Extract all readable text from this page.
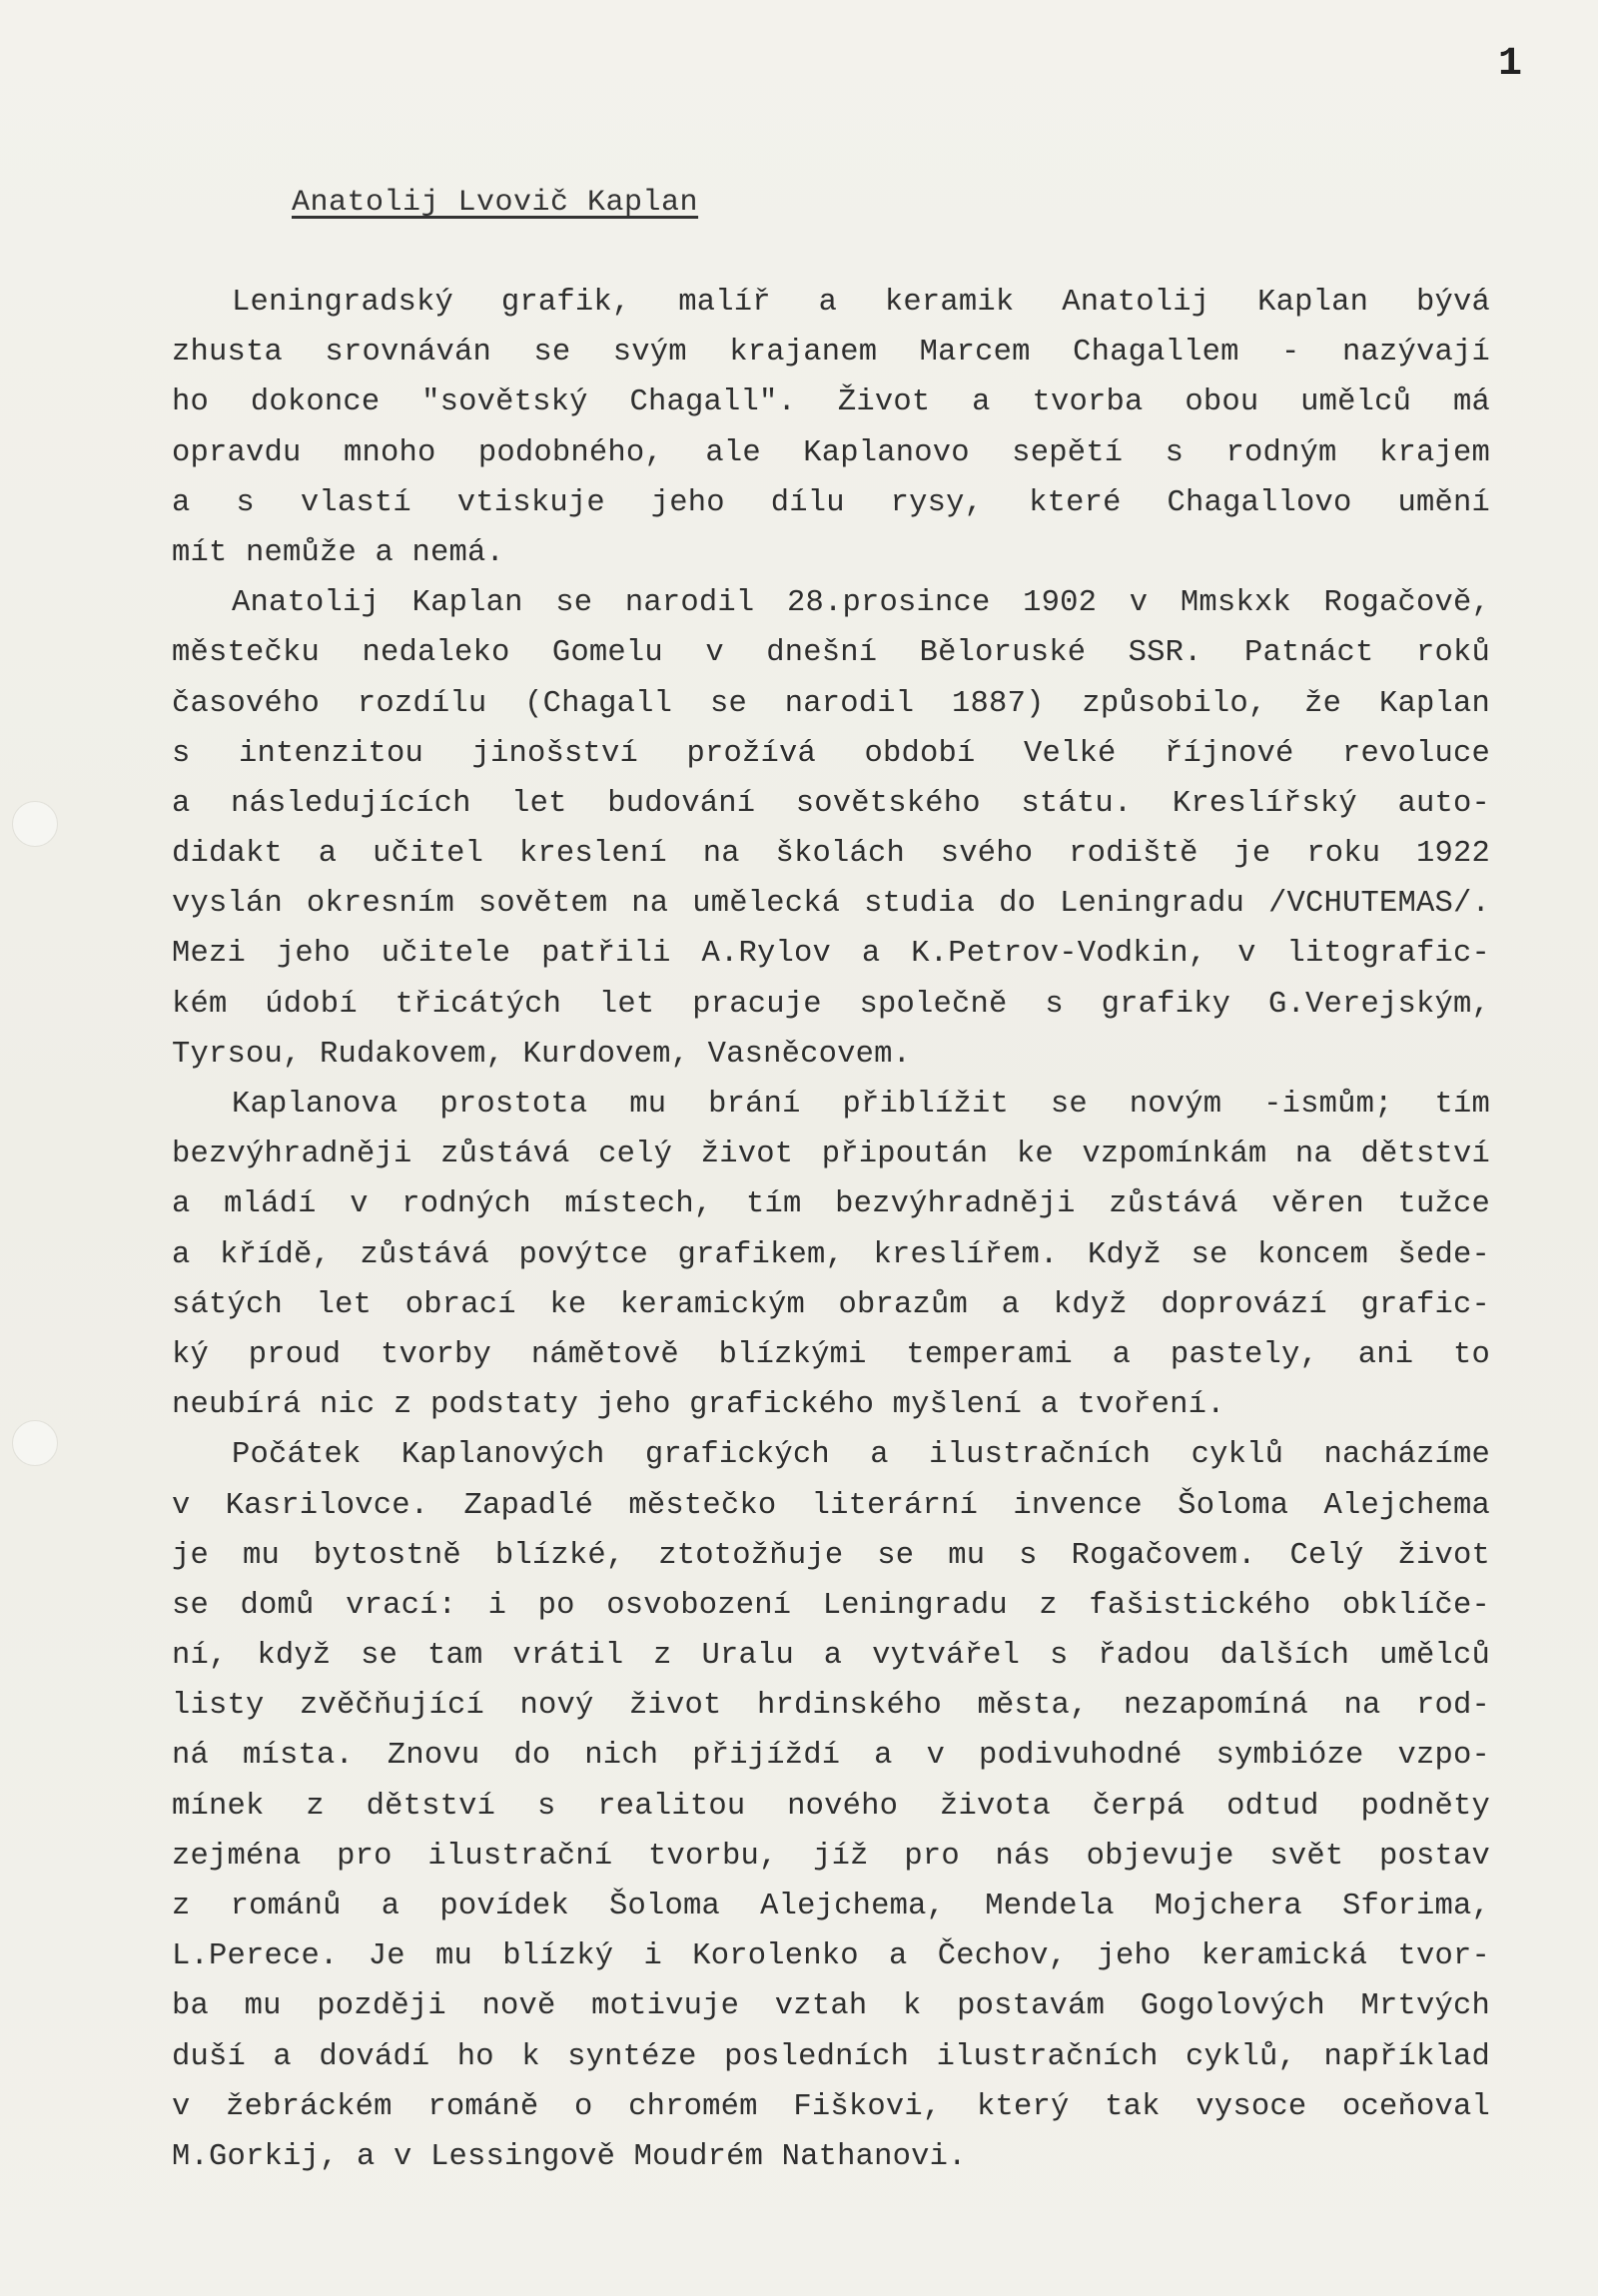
1
Anatolij Lvovič Kaplan
Leningradský grafik, malíř a keramik Anatolij Kaplan bývá
zhusta srovnáván se svým krajanem Marcem Chagallem - nazývají
ho dokonce "sovětský Chagall". Život a tvorba obou umělců má
opravdu mnoho podobného, ale Kaplanovo sepětí s rodným krajem
a s vlastí vtiskuje jeho dílu rysy, které Chagallovo umění
mít nemůže a nemá.
Anatolij Kaplan se narodil 28.prosince 1902 v Mmskxk Rogačově,
městečku nedaleko Gomelu v dnešní Běloruské SSR. Patnáct roků
časového rozdílu (Chagall se narodil 1887) způsobilo, že Kaplan
s intenzitou jinošství prožívá období Velké říjnové revoluce
a následujících let budování sovětského státu. Kreslířský auto-
didakt a učitel kreslení na školách svého rodiště je roku 1922
vyslán okresním sovětem na umělecká studia do Leningradu /VCHUTEMAS/.
Mezi jeho učitele patřili A.Rylov a K.Petrov-Vodkin, v litografic-
kém údobí třicátých let pracuje společně s grafiky G.Verejským,
Tyrsou, Rudakovem, Kurdovem, Vasněcovem.
Kaplanova prostota mu brání přiblížit se novým -ismům; tím
bezvýhradněji zůstává celý život připoután ke vzpomínkám na dětství
a mládí v rodných místech, tím bezvýhradněji zůstává věren tužce
a křídě, zůstává povýtce grafikem, kreslířem. Když se koncem šede-
sátých let obrací ke keramickým obrazům a když doprovází grafic-
ký proud tvorby námětově blízkými temperami a pastely, ani to
neubírá nic z podstaty jeho grafického myšlení a tvoření.
Počátek Kaplanových grafických a ilustračních cyklů nacházíme
v Kasrilovce. Zapadlé městečko literární invence Šoloma Alejchema
je mu bytostně blízké, ztotožňuje se mu s Rogačovem. Celý život
se domů vrací: i po osvobození Leningradu z fašistického obklíče-
ní, když se tam vrátil z Uralu a vytvářel s řadou dalších umělců
listy zvěčňující nový život hrdinského města, nezapomíná na rod-
ná místa. Znovu do nich přijíždí a v podivuhodné symbióze vzpo-
mínek z dětství s realitou nového života čerpá odtud podněty
zejména pro ilustrační tvorbu, jíž pro nás objevuje svět postav
z románů a povídek Šoloma Alejchema, Mendela Mojchera Sforima,
L.Perece. Je mu blízký i Korolenko a Čechov, jeho keramická tvor-
ba mu později nově motivuje vztah k postavám Gogolových Mrtvých
duší a dovádí ho k syntéze posledních ilustračních cyklů, například
v žebráckém románě o chromém Fiškovi, který tak vysoce oceňoval
M.Gorkij, a v Lessingově Moudrém Nathanovi.
